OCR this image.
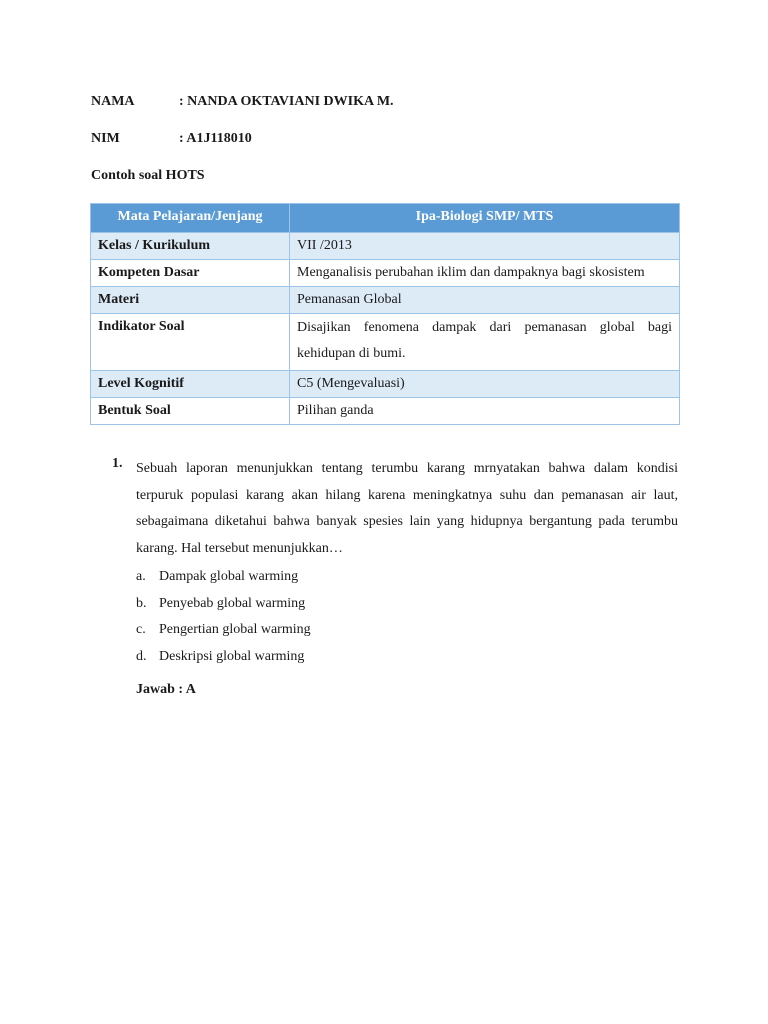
NAMA	: NANDA OKTAVIANI DWIKA M.
NIM	: A1J118010
Contoh soal HOTS
Mata Pelajaran/Jenjang	Ipa-Biologi SMP/ MTS
Kelas / Kurikulum	VII /2013
Kompeten Dasar	Menganalisis perubahan iklim dan dampaknya bagi skosistem
Materi	Pemanasan Global
Indikator Soal	Disajikan fenomena dampak dari pemanasan global bagi kehidupan di bumi.
Level Kognitif	C5 (Mengevaluasi)
Bentuk Soal	Pilihan ganda
1. Sebuah laporan menunjukkan tentang terumbu karang mrnyatakan bahwa dalam kondisi terpuruk populasi karang akan hilang karena meningkatnya suhu dan pemanasan air laut, sebagaimana diketahui bahwa banyak spesies lain yang hidupnya bergantung pada terumbu karang. Hal tersebut menunjukkan…
a. Dampak global warming
b. Penyebab global warming
c. Pengertian global warming
d. Deskripsi global warming
Jawab : A
